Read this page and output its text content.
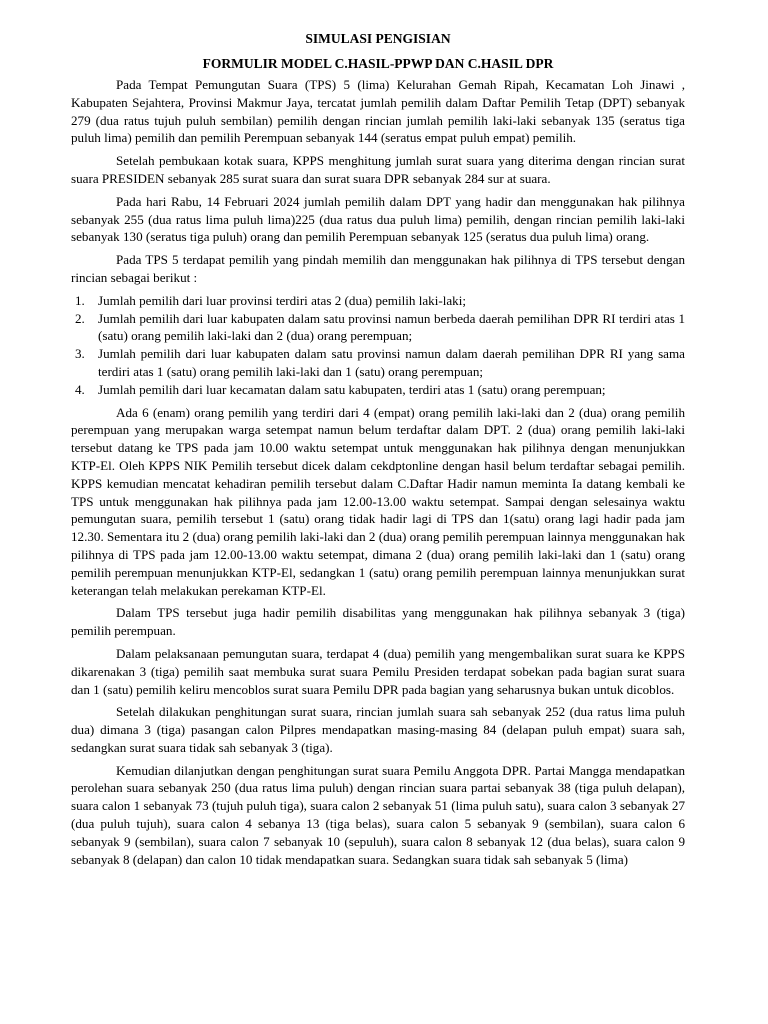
SIMULASI PENGISIAN
FORMULIR MODEL C.HASIL-PPWP DAN C.HASIL DPR

Pada Tempat Pemungutan Suara (TPS) 5 (lima) Kelurahan Gemah Ripah, Kecamatan Loh Jinawi , Kabupaten Sejahtera, Provinsi Makmur Jaya, tercatat jumlah pemilih dalam Daftar Pemilih Tetap (DPT) sebanyak 279 (dua ratus tujuh puluh sembilan) pemilih dengan rincian jumlah pemilih laki-laki sebanyak 135 (seratus tiga puluh lima) pemilih dan pemilih Perempuan sebanyak 144 (seratus empat puluh empat) pemilih.

Setelah pembukaan kotak suara, KPPS menghitung jumlah surat suara yang diterima dengan rincian surat suara PRESIDEN sebanyak 285 surat suara dan surat suara DPR sebanyak 284 sur at suara.

Pada hari Rabu, 14 Februari 2024 jumlah pemilih dalam DPT yang hadir dan menggunakan hak pilihnya sebanyak 255 (dua ratus lima puluh lima)225 (dua ratus dua puluh lima) pemilih, dengan rincian pemilih laki-laki sebanyak 130 (seratus tiga puluh) orang dan pemilih Perempuan sebanyak 125 (seratus dua puluh lima) orang.

Pada TPS 5 terdapat pemilih yang pindah memilih dan menggunakan hak pilihnya di TPS tersebut dengan rincian sebagai berikut :

1. Jumlah pemilih dari luar provinsi terdiri atas 2 (dua) pemilih laki-laki;
2. Jumlah pemilih dari luar kabupaten dalam satu provinsi namun berbeda daerah pemilihan DPR RI terdiri atas 1 (satu) orang pemilih laki-laki dan 2 (dua) orang perempuan;
3. Jumlah pemilih dari luar kabupaten dalam satu provinsi namun dalam daerah pemilihan DPR RI yang sama terdiri atas 1 (satu) orang pemilih laki-laki dan 1 (satu) orang perempuan;
4. Jumlah pemilih dari luar kecamatan dalam satu kabupaten, terdiri atas 1 (satu) orang perempuan;

Ada 6 (enam) orang pemilih yang terdiri dari 4 (empat) orang pemilih laki-laki dan 2 (dua) orang pemilih perempuan yang merupakan warga setempat namun belum terdaftar dalam DPT. 2 (dua) orang pemilih laki-laki tersebut datang ke TPS pada jam 10.00 waktu setempat untuk menggunakan hak pilihnya dengan menunjukkan KTP-El. Oleh KPPS NIK Pemilih tersebut dicek dalam cekdptonline dengan hasil belum terdaftar sebagai pemilih. KPPS kemudian mencatat kehadiran pemilih tersebut dalam C.Daftar Hadir namun meminta Ia datang kembali ke TPS untuk menggunakan hak pilihnya pada jam 12.00-13.00 waktu setempat. Sampai dengan selesainya waktu pemungutan suara, pemilih tersebut 1 (satu) orang tidak hadir lagi di TPS dan 1(satu) orang lagi hadir pada jam 12.30. Sementara itu 2 (dua) orang pemilih laki-laki dan 2 (dua) orang pemilih perempuan lainnya menggunakan hak pilihnya di TPS pada jam 12.00-13.00 waktu setempat, dimana 2 (dua) orang pemilih laki-laki dan 1 (satu) orang pemilih perempuan menunjukkan KTP-El, sedangkan 1 (satu) orang pemilih perempuan lainnya menunjukkan surat keterangan telah melakukan perekaman KTP-El.

Dalam TPS tersebut juga hadir pemilih disabilitas yang menggunakan hak pilihnya sebanyak 3 (tiga) pemilih perempuan.

Dalam pelaksanaan pemungutan suara, terdapat 4 (dua) pemilih yang mengembalikan surat suara ke KPPS dikarenakan 3 (tiga) pemilih saat membuka surat suara Pemilu Presiden terdapat sobekan pada bagian surat suara dan 1 (satu) pemilih keliru mencoblos surat suara Pemilu DPR pada bagian yang seharusnya bukan untuk dicoblos.

Setelah dilakukan penghitungan surat suara, rincian jumlah suara sah sebanyak 252 (dua ratus lima puluh dua) dimana 3 (tiga) pasangan calon Pilpres mendapatkan masing-masing 84 (delapan puluh empat) suara sah, sedangkan surat suara tidak sah sebanyak 3 (tiga).

Kemudian dilanjutkan dengan penghitungan surat suara Pemilu Anggota DPR. Partai Mangga mendapatkan perolehan suara sebanyak 250 (dua ratus lima puluh) dengan rincian suara partai sebanyak 38 (tiga puluh delapan), suara calon 1 sebanyak 73 (tujuh puluh tiga), suara calon 2 sebanyak 51 (lima puluh satu), suara calon 3 sebanyak 27 (dua puluh tujuh), suara calon 4 sebanya 13 (tiga belas), suara calon 5 sebanyak 9 (sembilan), suara calon 6 sebanyak 9 (sembilan), suara calon 7 sebanyak 10 (sepuluh), suara calon 8 sebanyak 12 (dua belas), suara calon 9 sebanyak 8 (delapan) dan calon 10 tidak mendapatkan suara. Sedangkan suara tidak sah sebanyak 5 (lima)
